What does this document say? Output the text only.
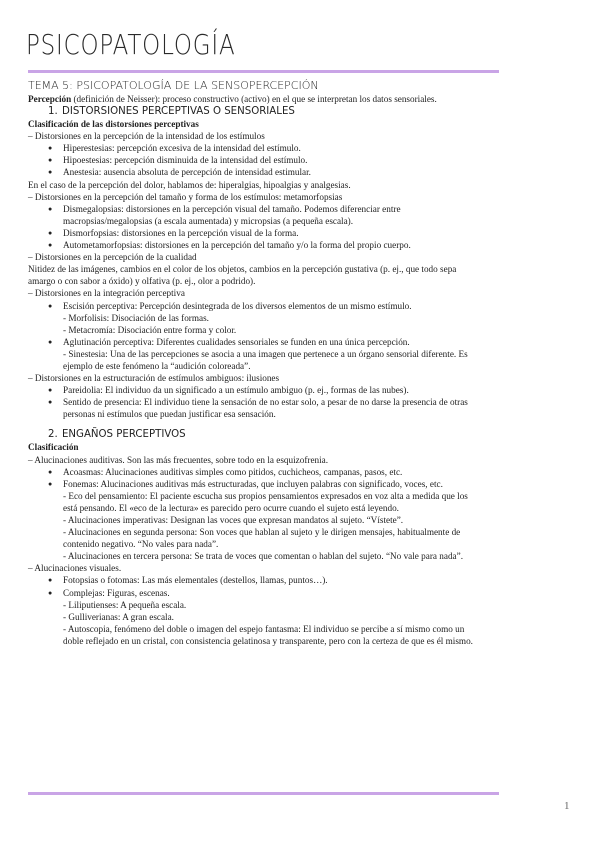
PSICOPATOLOGÍA
TEMA 5: PSICOPATOLOGÍA DE LA SENSOPERCEPCIÓN
Percepción (definición de Neisser): proceso constructivo (activo) en el que se interpretan los datos sensoriales.
1. DISTORSIONES PERCEPTIVAS O SENSORIALES
Clasificación de las distorsiones perceptivas
– Distorsiones en la percepción de la intensidad de los estímulos
● Hiperestesias: percepción excesiva de la intensidad del estímulo.
● Hipoestesias: percepción disminuida de la intensidad del estímulo.
● Anestesia: ausencia absoluta de percepción de intensidad estimular.
En el caso de la percepción del dolor, hablamos de: hiperalgias, hipoalgias y analgesias.
– Distorsiones en la percepción del tamaño y forma de los estímulos: metamorfopsias
● Dismegalopsias: distorsiones en la percepción visual del tamaño. Podemos diferenciar entre
macropsias/megalopsias (a escala aumentada) y micropsias (a pequeña escala).
● Dismorfopsias: distorsiones en la percepción visual de la forma.
● Autometamorfopsias: distorsiones en la percepción del tamaño y/o la forma del propio cuerpo.
– Distorsiones en la percepción de la cualidad
Nitidez de las imágenes, cambios en el color de los objetos, cambios en la percepción gustativa (p. ej., que todo sepa
amargo o con sabor a óxido) y olfativa (p. ej., olor a podrido).
– Distorsiones en la integración perceptiva
● Escisión perceptiva: Percepción desintegrada de los diversos elementos de un mismo estímulo.
- Morfolisis: Disociación de las formas.
- Metacromía: Disociación entre forma y color.
● Aglutinación perceptiva: Diferentes cualidades sensoriales se funden en una única percepción.
- Sinestesia: Una de las percepciones se asocia a una imagen que pertenece a un órgano sensorial diferente. Es
ejemplo de este fenómeno la “audición coloreada”.
– Distorsiones en la estructuración de estímulos ambiguos: ilusiones
● Pareidolia: El individuo da un significado a un estímulo ambiguo (p. ej., formas de las nubes).
● Sentido de presencia: El individuo tiene la sensación de no estar solo, a pesar de no darse la presencia de otras
personas ni estímulos que puedan justificar esa sensación.
2. ENGAÑOS PERCEPTIVOS
Clasificación
– Alucinaciones auditivas. Son las más frecuentes, sobre todo en la esquizofrenia.
● Acoasmas: Alucinaciones auditivas simples como pitidos, cuchicheos, campanas, pasos, etc.
● Fonemas: Alucinaciones auditivas más estructuradas, que incluyen palabras con significado, voces, etc.
- Eco del pensamiento: El paciente escucha sus propios pensamientos expresados en voz alta a medida que los
está pensando. El «eco de la lectura» es parecido pero ocurre cuando el sujeto está leyendo.
- Alucinaciones imperativas: Designan las voces que expresan mandatos al sujeto. “Vístete”.
- Alucinaciones en segunda persona: Son voces que hablan al sujeto y le dirigen mensajes, habitualmente de
contenido negativo. “No vales para nada”.
- Alucinaciones en tercera persona: Se trata de voces que comentan o hablan del sujeto. “No vale para nada”.
– Alucinaciones visuales.
● Fotopsias o fotomas: Las más elementales (destellos, llamas, puntos…).
● Complejas: Figuras, escenas.
- Liliputienses: A pequeña escala.
- Gulliverianas: A gran escala.
- Autoscopia, fenómeno del doble o imagen del espejo fantasma: El individuo se percibe a sí mismo como un
doble reflejado en un cristal, con consistencia gelatinosa y transparente, pero con la certeza de que es él mismo.
1
